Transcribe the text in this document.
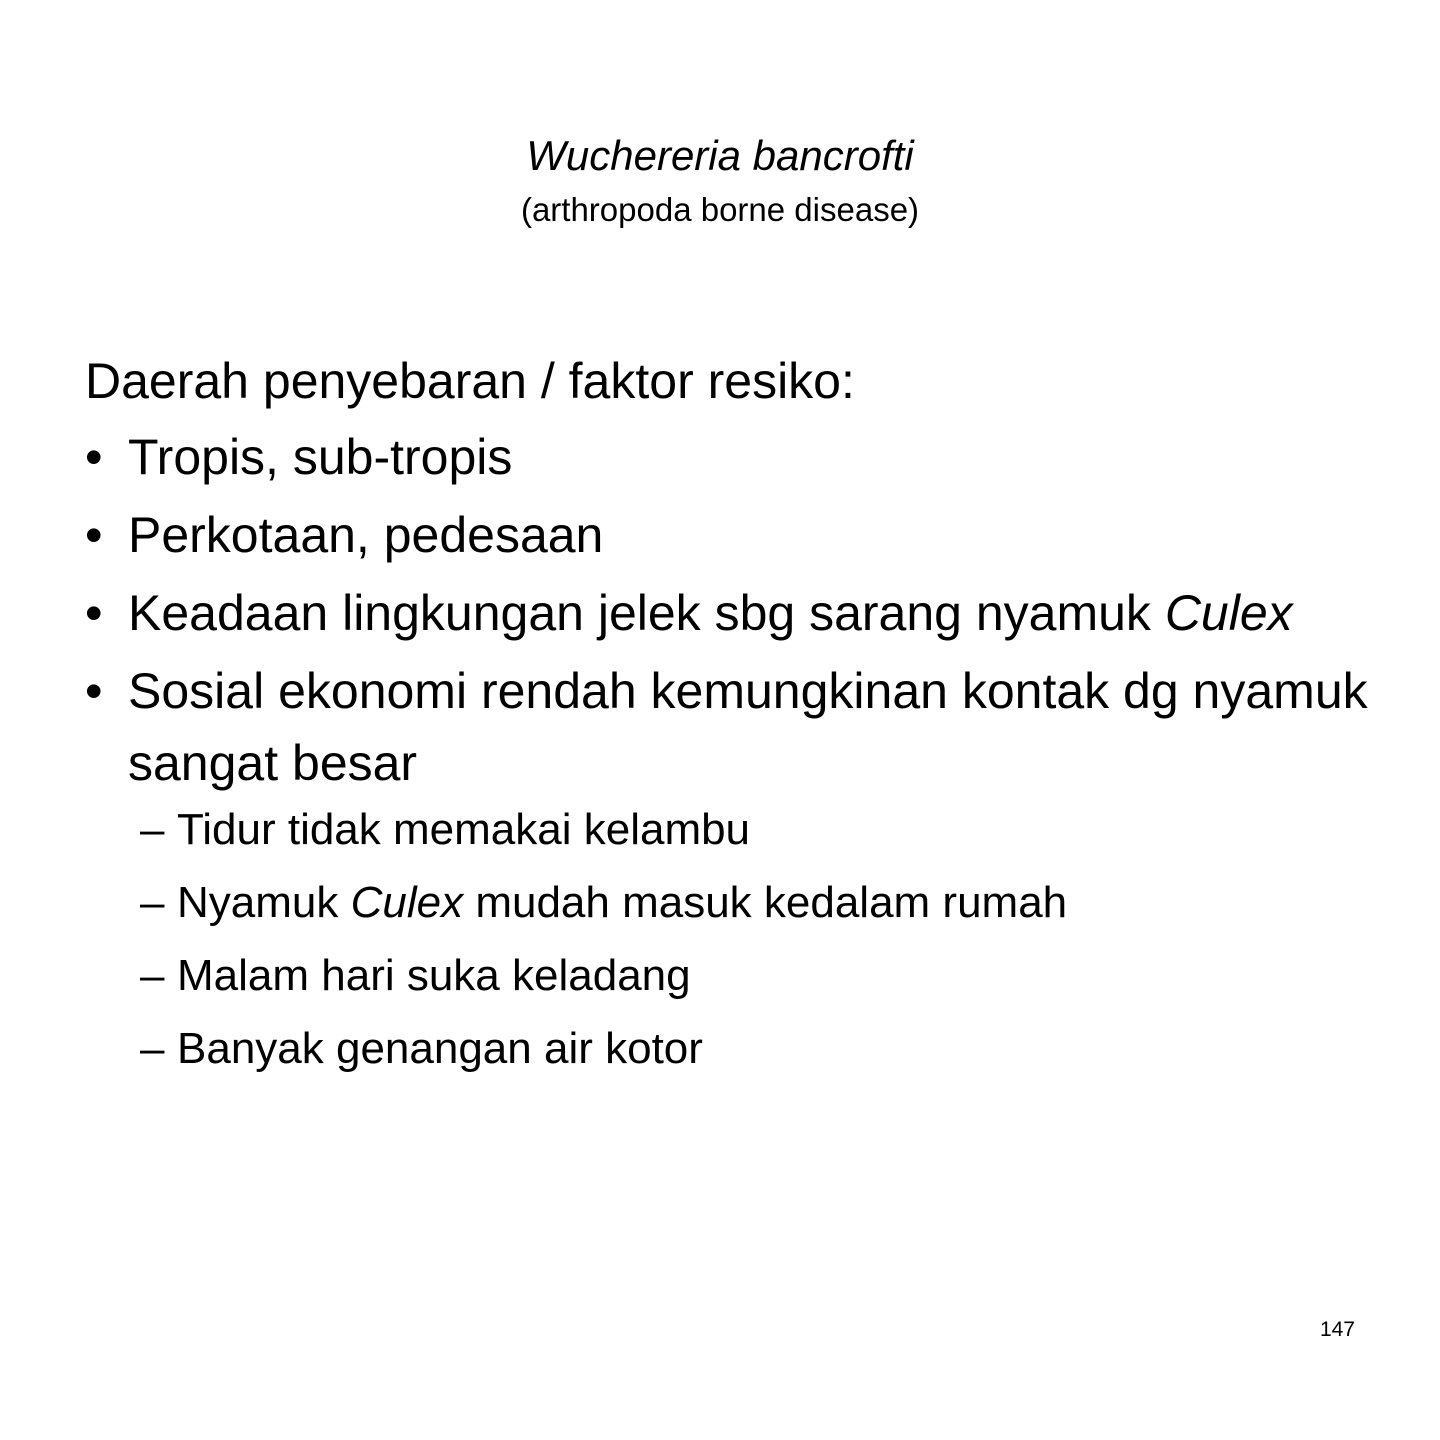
Wuchereria bancrofti
(arthropoda borne disease)

Daerah penyebaran / faktor resiko:

• Tropis, sub-tropis
• Perkotaan, pedesaan
• Keadaan lingkungan jelek sbg sarang nyamuk Culex
• Sosial ekonomi rendah kemungkinan kontak dg nyamuk sangat besar
– Tidur tidak memakai kelambu
– Nyamuk Culex mudah masuk kedalam rumah
– Malam hari suka keladang
– Banyak genangan air kotor
147
